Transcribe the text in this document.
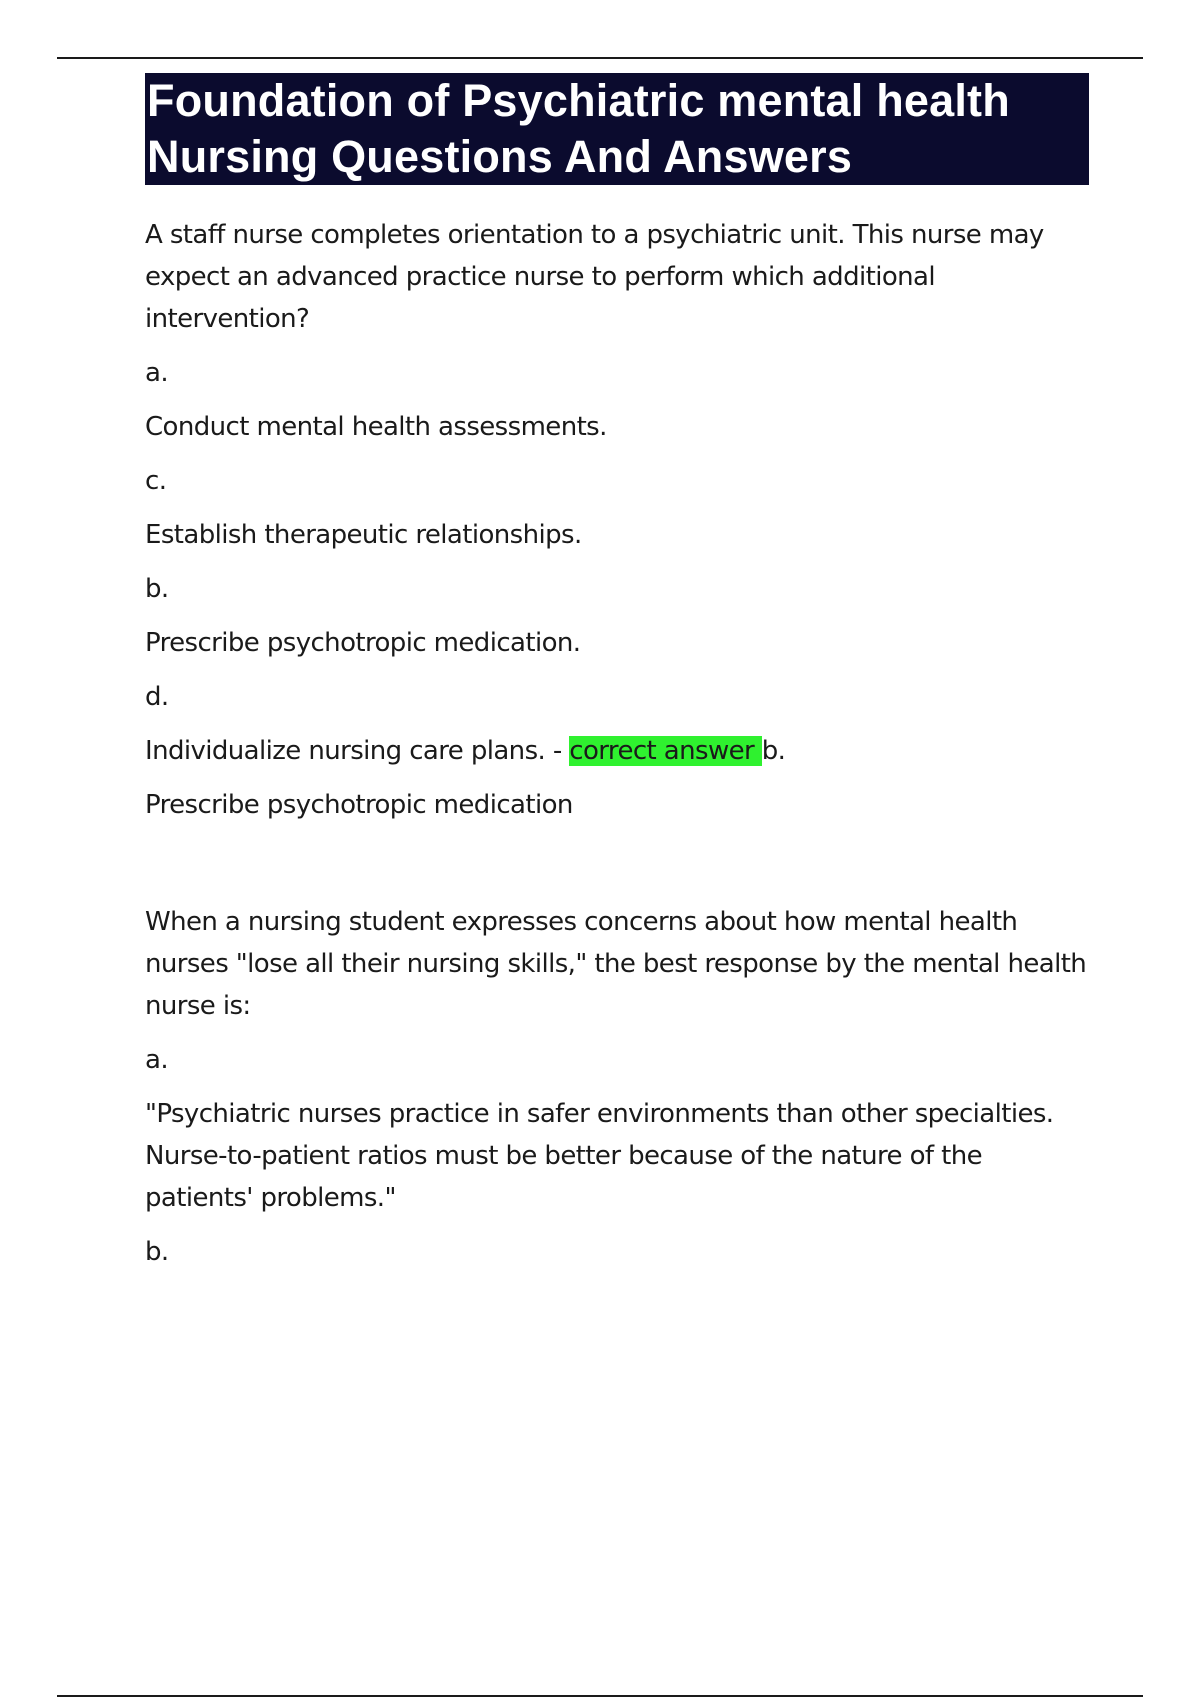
Foundation of Psychiatric mental health Nursing Questions And Answers

A staff nurse completes orientation to a psychiatric unit. This nurse may expect an advanced practice nurse to perform which additional intervention?

a.

Conduct mental health assessments.

c.

Establish therapeutic relationships.

b.

Prescribe psychotropic medication.

d.

Individualize nursing care plans. - correct answer b.

Prescribe psychotropic medication

When a nursing student expresses concerns about how mental health nurses "lose all their nursing skills," the best response by the mental health nurse is:

a.

"Psychiatric nurses practice in safer environments than other specialties. Nurse-to-patient ratios must be better because of the nature of the patients' problems."

b.
